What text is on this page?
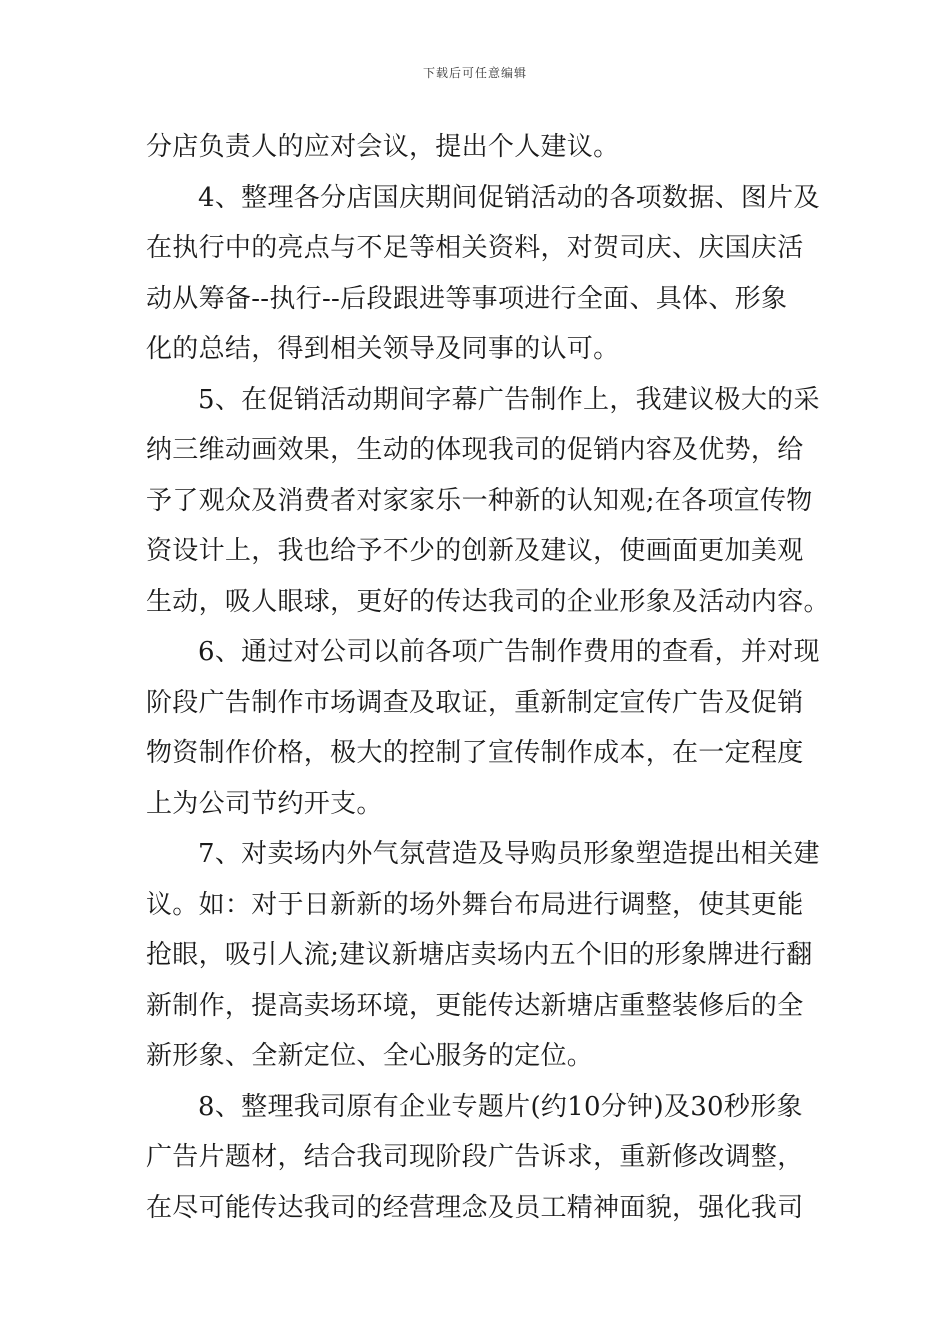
下载后可任意编辑
分店负责人的应对会议，提出个人建议。
4、整理各分店国庆期间促销活动的各项数据、图片及
在执行中的亮点与不足等相关资料，对贺司庆、庆国庆活
动从筹备--执行--后段跟进等事项进行全面、具体、形象
化的总结，得到相关领导及同事的认可。
5、在促销活动期间字幕广告制作上，我建议极大的采
纳三维动画效果，生动的体现我司的促销内容及优势，给
予了观众及消费者对家家乐一种新的认知观;在各项宣传物
资设计上，我也给予不少的创新及建议，使画面更加美观
生动，吸人眼球，更好的传达我司的企业形象及活动内容。
6、通过对公司以前各项广告制作费用的查看，并对现
阶段广告制作市场调查及取证，重新制定宣传广告及促销
物资制作价格，极大的控制了宣传制作成本，在一定程度
上为公司节约开支。
7、对卖场内外气氛营造及导购员形象塑造提出相关建
议。如：对于日新新的场外舞台布局进行调整，使其更能
抢眼，吸引人流;建议新塘店卖场内五个旧的形象牌进行翻
新制作，提高卖场环境，更能传达新塘店重整装修后的全
新形象、全新定位、全心服务的定位。
8、整理我司原有企业专题片(约10分钟)及30秒形象
广告片题材，结合我司现阶段广告诉求，重新修改调整，
在尽可能传达我司的经营理念及员工精神面貌，强化我司
